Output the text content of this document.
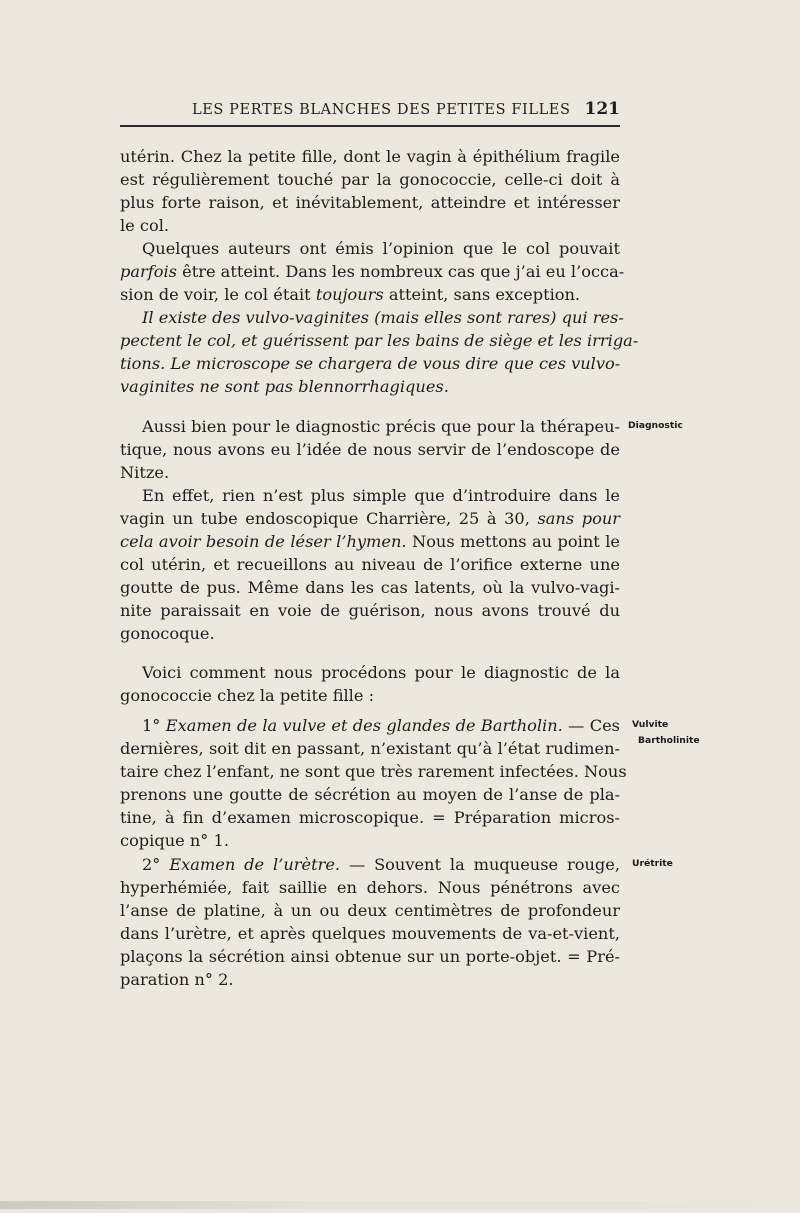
LES PERTES BLANCHES DES PETITES FILLES 121
utérin. Chez la petite fille, dont le vagin à épithélium fragile
est régulièrement touché par la gonococcie, celle-ci doit à
plus forte raison, et inévitablement, atteindre et intéresser
le col.
Quelques auteurs ont émis l’opinion que le col pouvait
parfois être atteint. Dans les nombreux cas que j’ai eu l’occa-
sion de voir, le col était toujours atteint, sans exception.
Il existe des vulvo-vaginites (mais elles sont rares) qui res-
pectent le col, et guérissent par les bains de siège et les irriga-
tions. Le microscope se chargera de vous dire que ces vulvo-
vaginites ne sont pas blennorrhagiques.
Aussi bien pour le diagnostic précis que pour la thérapeu-
tique, nous avons eu l’idée de nous servir de l’endoscope de
Nitze.
Diagnostic
En effet, rien n’est plus simple que d’introduire dans le
vagin un tube endoscopique Charrière, 25 à 30, sans pour
cela avoir besoin de léser l’hymen. Nous mettons au point le
col utérin, et recueillons au niveau de l’orifice externe une
goutte de pus. Même dans les cas latents, où la vulvo-vagi-
nite paraissait en voie de guérison, nous avons trouvé du
gonocoque.
Voici comment nous procédons pour le diagnostic de la
gonococcie chez la petite fille :
1° Examen de la vulve et des glandes de Bartholin. — Ces
dernières, soit dit en passant, n’existant qu’à l’état rudimen-
taire chez l’enfant, ne sont que très rarement infectées. Nous
prenons une goutte de sécrétion au moyen de l’anse de pla-
tine, à fin d’examen microscopique. = Préparation micros-
copique n° 1.
Vulvite
Bartholinite
2° Examen de l’urètre. — Souvent la muqueuse rouge,
hyperhémiée, fait saillie en dehors. Nous pénétrons avec
l’anse de platine, à un ou deux centimètres de profondeur
dans l’urètre, et après quelques mouvements de va-et-vient,
plaçons la sécrétion ainsi obtenue sur un porte-objet. = Pré-
paration n° 2.
Urétrite
